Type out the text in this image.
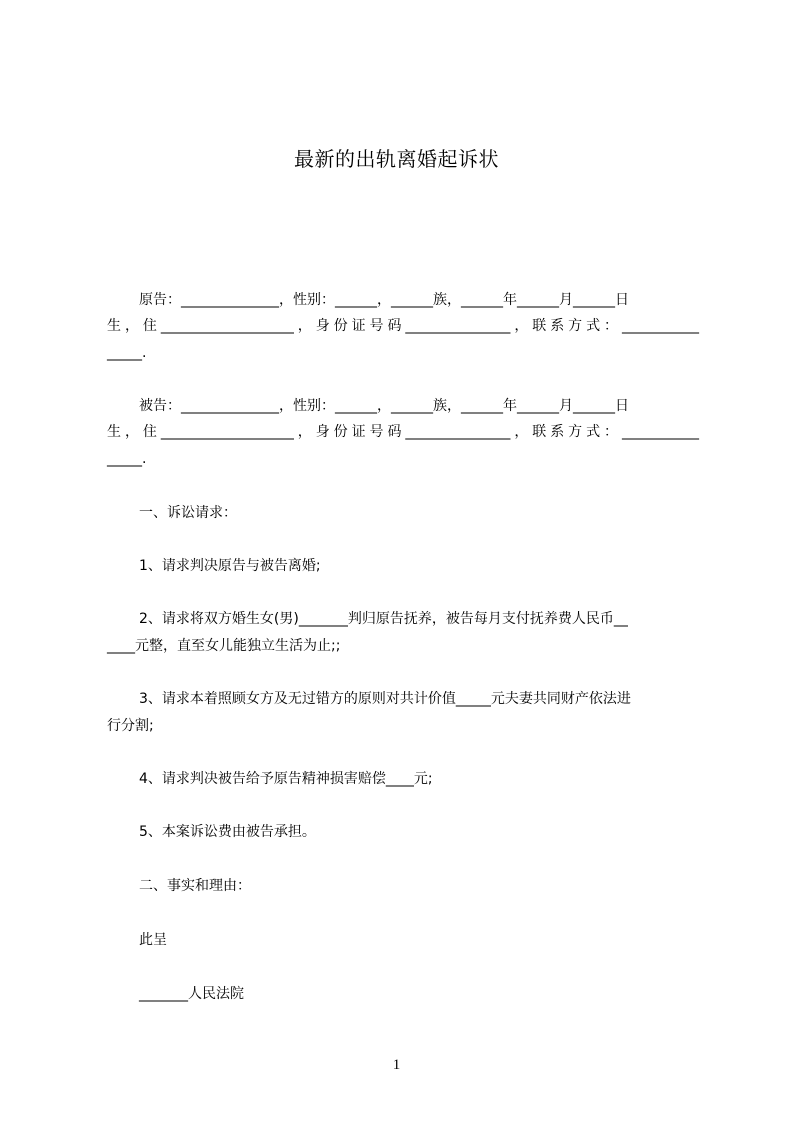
最新的出轨离婚起诉状
原告：______________，性别：______，______族，______年______月______日
生，住___________________，身份证号码_______________，联系方式：___________
_____.
被告：______________，性别：______，______族，______年______月______日
生，住___________________，身份证号码_______________，联系方式：___________
_____.
一、诉讼请求：
1、请求判决原告与被告离婚;
2、请求将双方婚生女(男)_______判归原告抚养，被告每月支付抚养费人民币__
____元整，直至女儿能独立生活为止;;
3、请求本着照顾女方及无过错方的原则对共计价值_____元夫妻共同财产依法进
行分割;
4、请求判决被告给予原告精神损害赔偿____元;
5、本案诉讼费由被告承担。
二、事实和理由：
此呈
_______人民法院
1
